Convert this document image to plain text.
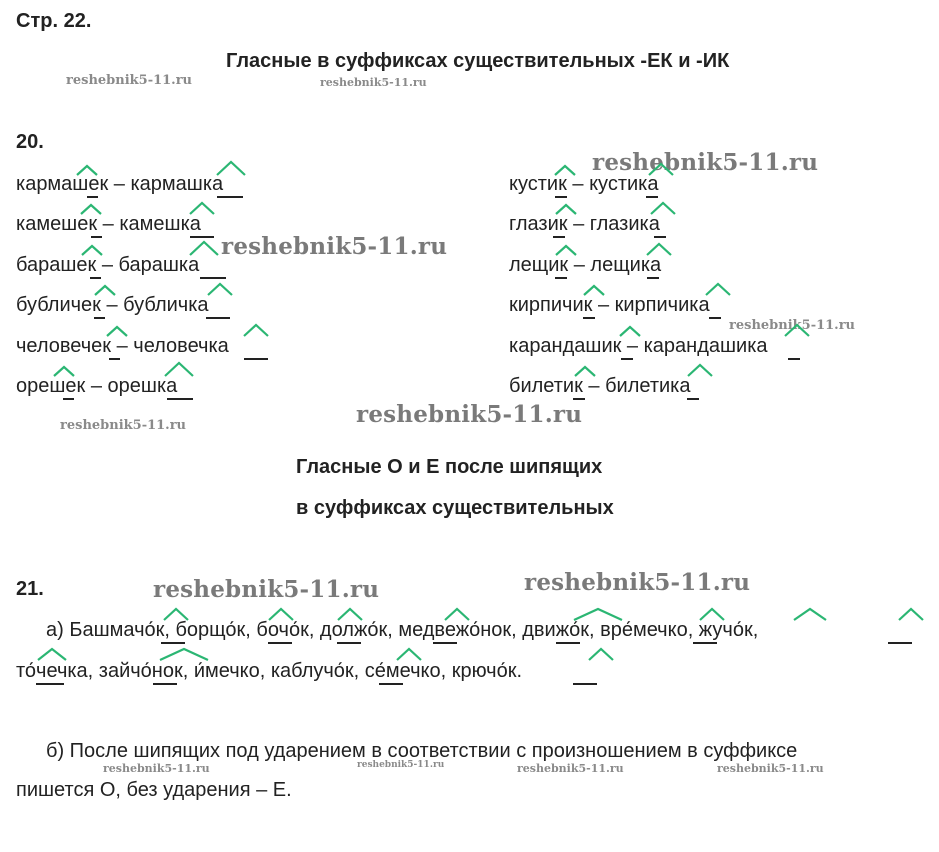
Стр. 22.
Гласные в суффиксах существительных -ЕК и -ИК
reshebnik5-11.ru	reshebnik5-11.ru
20.
кармашек – кармашка
камешек – камешка
барашек – барашка
бубличек – бубличка
человечек – человечка
орешек – орешка
кустик – кустика
глазик – глазика
лещик – лещика
кирпичик – кирпичика
карандашик – карандашика
билетик – билетика
reshebnik5-11.ru
reshebnik5-11.ru
reshebnik5-11.ru
reshebnik5-11.ru
reshebnik5-11.ru
Гласные О и Е после шипящих
в суффиксах существительных
21.	reshebnik5-11.ru	reshebnik5-11.ru
а) Башмачо́к, борщо́к, бочо́к, должо́к, медвежо́нок, движо́к, вре́мечко, жучо́к,
то́чечка, зайчо́нок, и́мечко, каблучо́к, се́мечко, крючо́к.
б) После шипящих под ударением в соответствии с произношением в суффиксе
пишется О, без ударения – Е.
reshebnik5-11.ru	reshebnik5-11.ru	reshebnik5-11.ru	reshebnik5-11.ru
